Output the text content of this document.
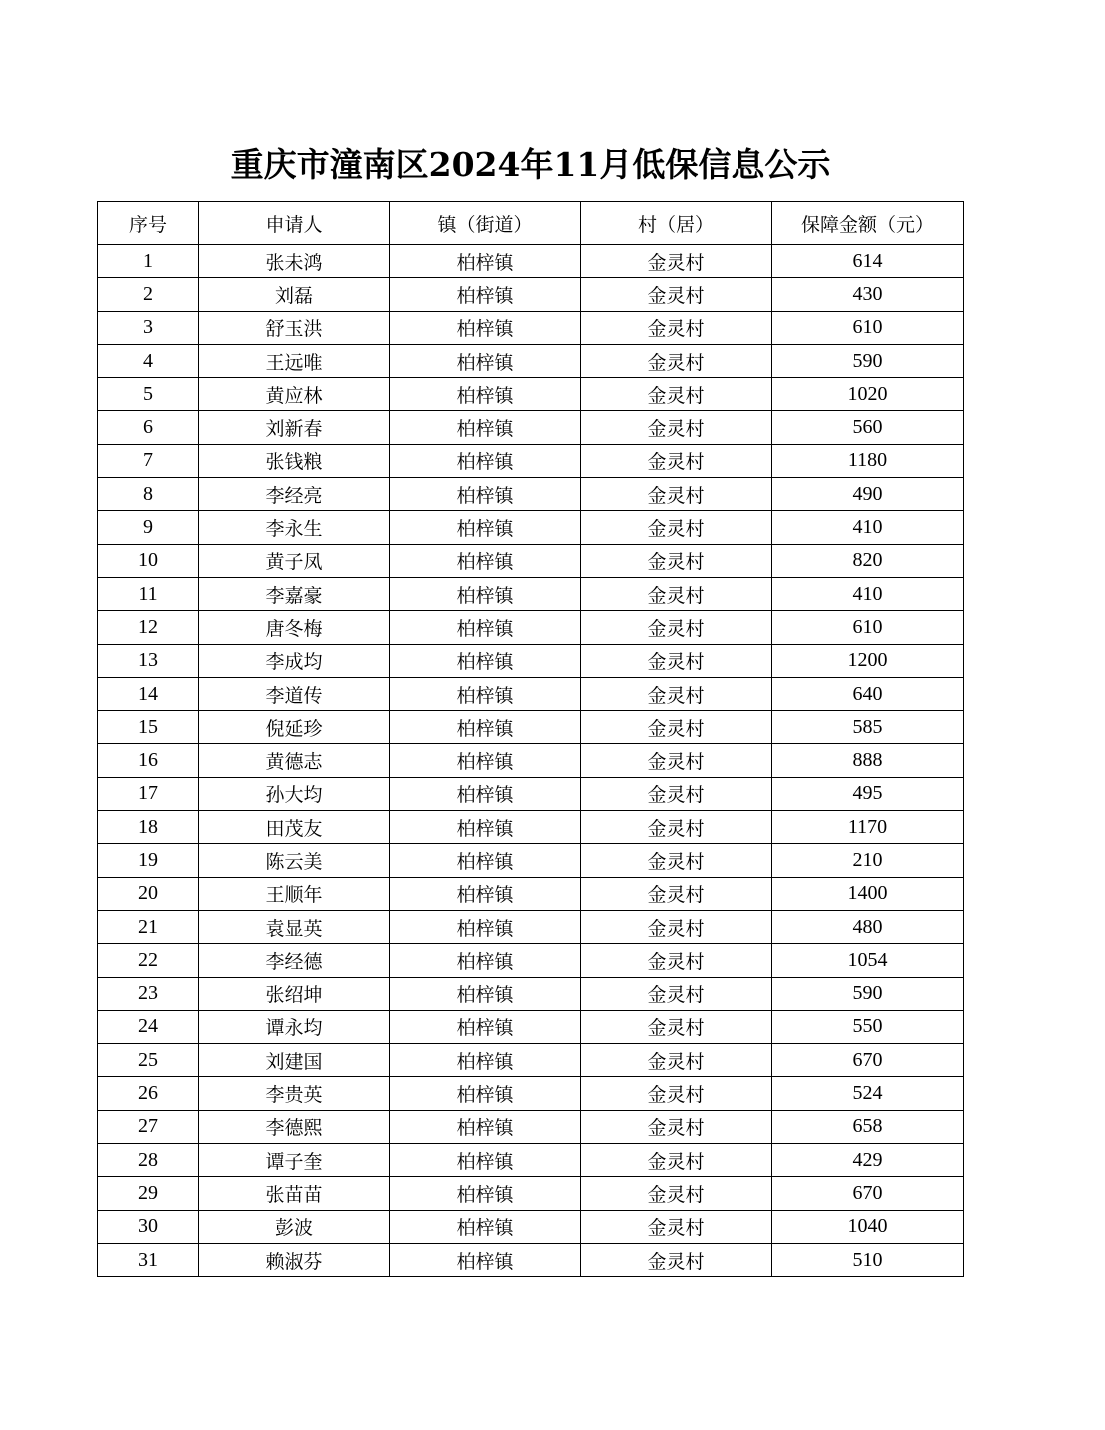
重庆市潼南区2024年11月低保信息公示
序号	申请人	镇（街道）	村（居）	保障金额（元）
1	张未鸿	柏梓镇	金灵村	614
2	刘磊	柏梓镇	金灵村	430
3	舒玉洪	柏梓镇	金灵村	610
4	王远唯	柏梓镇	金灵村	590
5	黄应林	柏梓镇	金灵村	1020
6	刘新春	柏梓镇	金灵村	560
7	张钱粮	柏梓镇	金灵村	1180
8	李经亮	柏梓镇	金灵村	490
9	李永生	柏梓镇	金灵村	410
10	黄子凤	柏梓镇	金灵村	820
11	李嘉豪	柏梓镇	金灵村	410
12	唐冬梅	柏梓镇	金灵村	610
13	李成均	柏梓镇	金灵村	1200
14	李道传	柏梓镇	金灵村	640
15	倪延珍	柏梓镇	金灵村	585
16	黄德志	柏梓镇	金灵村	888
17	孙大均	柏梓镇	金灵村	495
18	田茂友	柏梓镇	金灵村	1170
19	陈云美	柏梓镇	金灵村	210
20	王顺年	柏梓镇	金灵村	1400
21	袁显英	柏梓镇	金灵村	480
22	李经德	柏梓镇	金灵村	1054
23	张绍坤	柏梓镇	金灵村	590
24	谭永均	柏梓镇	金灵村	550
25	刘建国	柏梓镇	金灵村	670
26	李贵英	柏梓镇	金灵村	524
27	李德熙	柏梓镇	金灵村	658
28	谭子奎	柏梓镇	金灵村	429
29	张苗苗	柏梓镇	金灵村	670
30	彭波	柏梓镇	金灵村	1040
31	赖淑芬	柏梓镇	金灵村	510
